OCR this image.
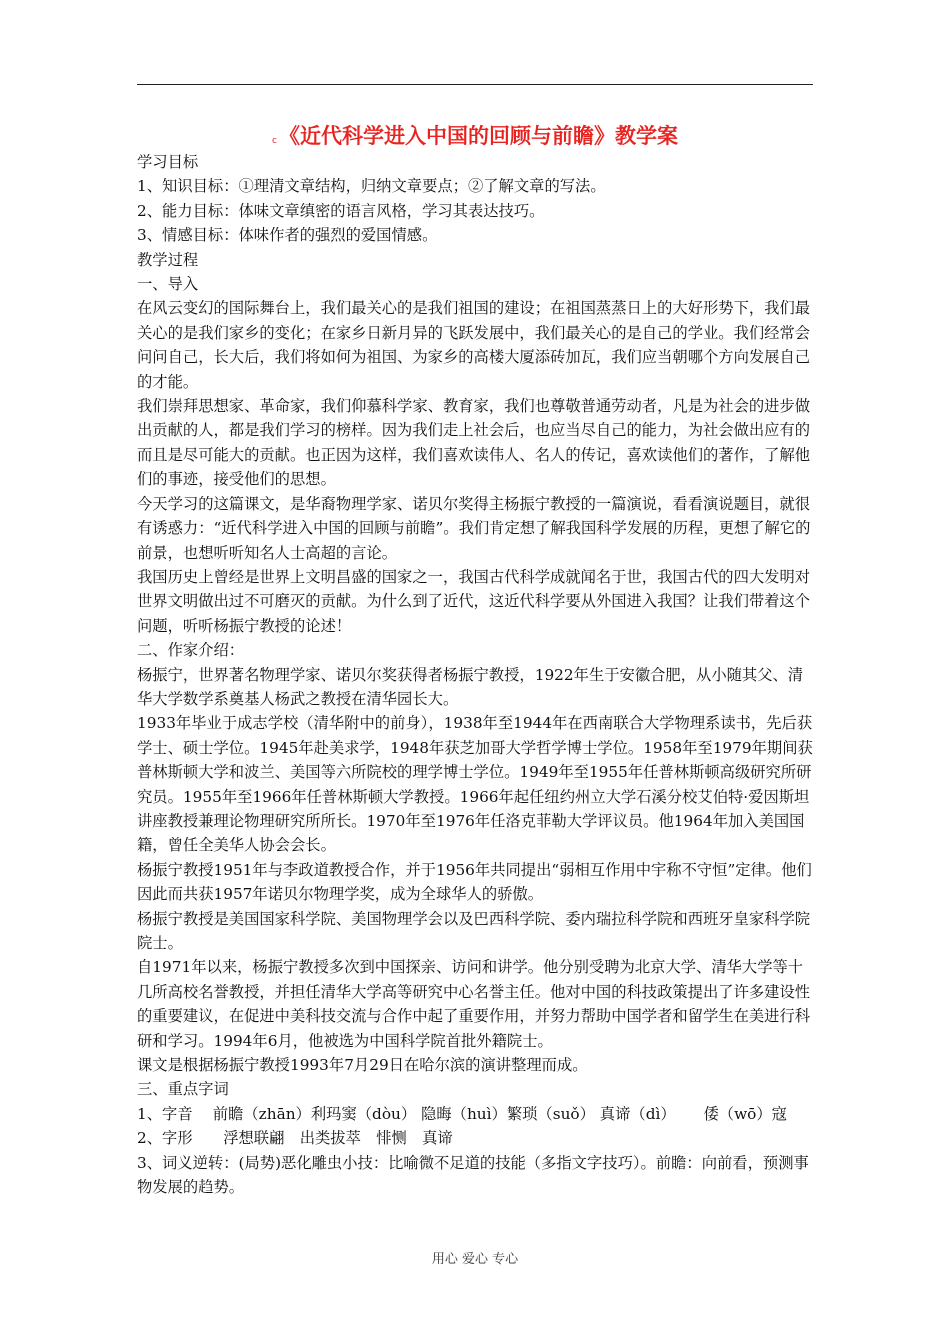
c《近代科学进入中国的回顾与前瞻》教学案

学习目标

1、知识目标：①理清文章结构，归纳文章要点；②了解文章的写法。

2、能力目标：体味文章缜密的语言风格，学习其表达技巧。

3、情感目标：体味作者的强烈的爱国情感。

教学过程

一、导入

在风云变幻的国际舞台上，我们最关心的是我们祖国的建设；在祖国蒸蒸日上的大好形势下，我们最关心的是我们家乡的变化；在家乡日新月异的飞跃发展中，我们最关心的是自己的学业。我们经常会问问自己，长大后，我们将如何为祖国、为家乡的高楼大厦添砖加瓦，我们应当朝哪个方向发展自己的才能。

我们崇拜思想家、革命家，我们仰慕科学家、教育家，我们也尊敬普通劳动者，凡是为社会的进步做出贡献的人，都是我们学习的榜样。因为我们走上社会后，也应当尽自己的能力，为社会做出应有的而且是尽可能大的贡献。也正因为这样，我们喜欢读伟人、名人的传记，喜欢读他们的著作，了解他们的事迹，接受他们的思想。

今天学习的这篇课文，是华裔物理学家、诺贝尔奖得主杨振宁教授的一篇演说，看看演说题目，就很有诱惑力：“近代科学进入中国的回顾与前瞻”。我们肯定想了解我国科学发展的历程，更想了解它的前景，也想听听知名人士高超的言论。

我国历史上曾经是世界上文明昌盛的国家之一，我国古代科学成就闻名于世，我国古代的四大发明对世界文明做出过不可磨灭的贡献。为什么到了近代，这近代科学要从外国进入我国？让我们带着这个问题，听听杨振宁教授的论述！

二、作家介绍：

杨振宁，世界著名物理学家、诺贝尔奖获得者杨振宁教授，1922年生于安徽合肥，从小随其父、清华大学数学系奠基人杨武之教授在清华园长大。

1933年毕业于成志学校（清华附中的前身），1938年至1944年在西南联合大学物理系读书，先后获学士、硕士学位。1945年赴美求学，1948年获芝加哥大学哲学博士学位。1958年至1979年期间获普林斯顿大学和波兰、美国等六所院校的理学博士学位。1949年至1955年任普林斯顿高级研究所研究员。1955年至1966年任普林斯顿大学教授。1966年起任纽约州立大学石溪分校艾伯特·爱因斯坦讲座教授兼理论物理研究所所长。1970年至1976年任洛克菲勒大学评议员。他1964年加入美国国籍，曾任全美华人协会会长。

杨振宁教授1951年与李政道教授合作，并于1956年共同提出“弱相互作用中宇称不守恒”定律。他们因此而共获1957年诺贝尔物理学奖，成为全球华人的骄傲。

杨振宁教授是美国国家科学院、美国物理学会以及巴西科学院、委内瑞拉科学院和西班牙皇家科学院院士。

自1971年以来，杨振宁教授多次到中国探亲、访问和讲学。他分别受聘为北京大学、清华大学等十几所高校名誉教授，并担任清华大学高等研究中心名誉主任。他对中国的科技政策提出了许多建设性的重要建议，在促进中美科技交流与合作中起了重要作用，并努力帮助中国学者和留学生在美进行科研和学习。1994年6月，他被选为中国科学院首批外籍院士。

课文是根据杨振宁教授1993年7月29日在哈尔滨的演讲整理而成。

三、重点字词

1、字音　 前瞻（zhān）利玛窦（dòu） 隐晦（huì）繁琐（suǒ） 真谛（dì）　　 倭（wō）寇

2、字形　　浮想联翩　出类拔萃　悱恻　真谛

3、词义逆转：(局势)恶化雕虫小技：比喻微不足道的技能（多指文字技巧）。前瞻：向前看，预测事物发展的趋势。

用心 爱心 专心
